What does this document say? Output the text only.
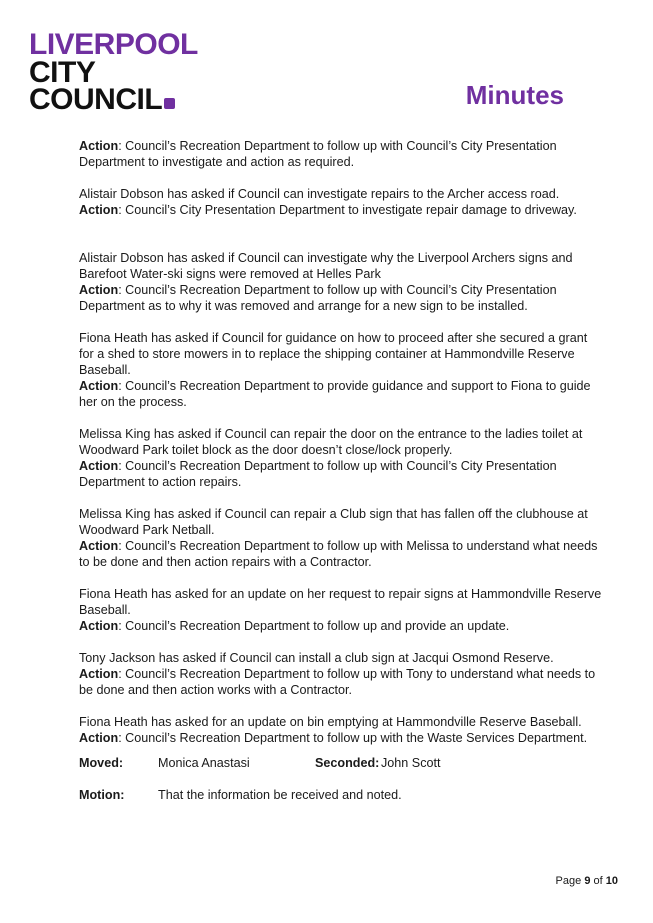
LIVERPOOL
CITY
COUNCIL	Minutes

Action: Council’s Recreation Department to follow up with Council’s City Presentation Department to investigate and action as required.

Alistair Dobson has asked if Council can investigate repairs to the Archer access road.
Action: Council’s City Presentation Department to investigate repair damage to driveway.

Alistair Dobson has asked if Council can investigate why the Liverpool Archers signs and Barefoot Water-ski signs were removed at Helles Park
Action: Council’s Recreation Department to follow up with Council’s City Presentation Department as to why it was removed and arrange for a new sign to be installed.

Fiona Heath has asked if Council for guidance on how to proceed after she secured a grant for a shed to store mowers in to replace the shipping container at Hammondville Reserve Baseball.
Action: Council’s Recreation Department to provide guidance and support to Fiona to guide her on the process.

Melissa King has asked if Council can repair the door on the entrance to the ladies toilet at Woodward Park toilet block as the door doesn’t close/lock properly.
Action: Council’s Recreation Department to follow up with Council’s City Presentation Department to action repairs.

Melissa King has asked if Council can repair a Club sign that has fallen off the clubhouse at Woodward Park Netball.
Action: Council’s Recreation Department to follow up with Melissa to understand what needs to be done and then action repairs with a Contractor.

Fiona Heath has asked for an update on her request to repair signs at Hammondville Reserve Baseball.
Action: Council’s Recreation Department to follow up and provide an update.

Tony Jackson has asked if Council can install a club sign at Jacqui Osmond Reserve.
Action: Council’s Recreation Department to follow up with Tony to understand what needs to be done and then action works with a Contractor.

Fiona Heath has asked for an update on bin emptying at Hammondville Reserve Baseball.
Action: Council’s Recreation Department to follow up with the Waste Services Department.

Moved:	Monica Anastasi	Seconded: John Scott
Motion:	That the information be received and noted.
Page 9 of 10
